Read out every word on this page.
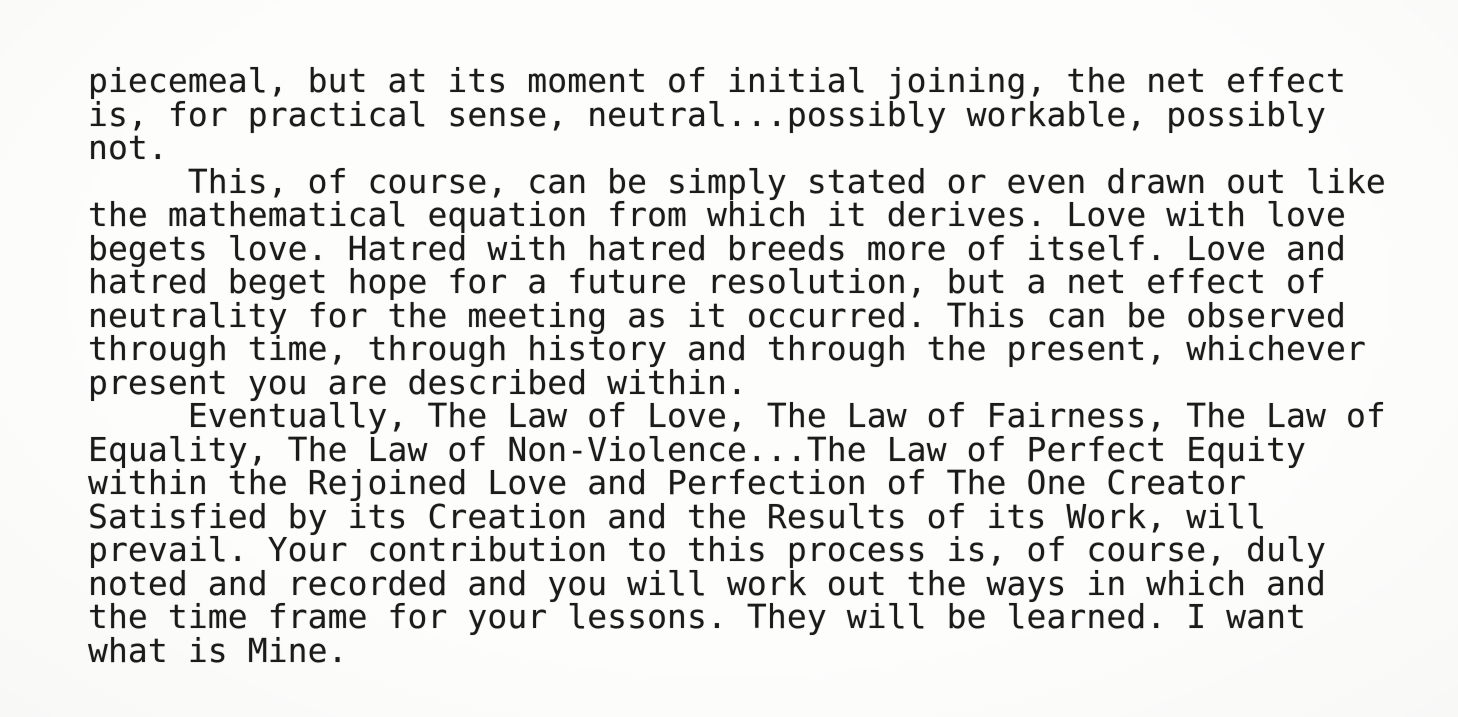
piecemeal, but at its moment of initial joining, the net effect
is, for practical sense, neutral...possibly workable, possibly
not.
This, of course, can be simply stated or even drawn out like
the mathematical equation from which it derives. Love with love
begets love. Hatred with hatred breeds more of itself. Love and
hatred beget hope for a future resolution, but a net effect of
neutrality for the meeting as it occurred. This can be observed
through time, through history and through the present, whichever
present you are described within.
Eventually, The Law of Love, The Law of Fairness, The Law of
Equality, The Law of Non-Violence...The Law of Perfect Equity
within the Rejoined Love and Perfection of The One Creator
Satisfied by its Creation and the Results of its Work, will
prevail. Your contribution to this process is, of course, duly
noted and recorded and you will work out the ways in which and
the time frame for your lessons. They will be learned. I want
what is Mine.
